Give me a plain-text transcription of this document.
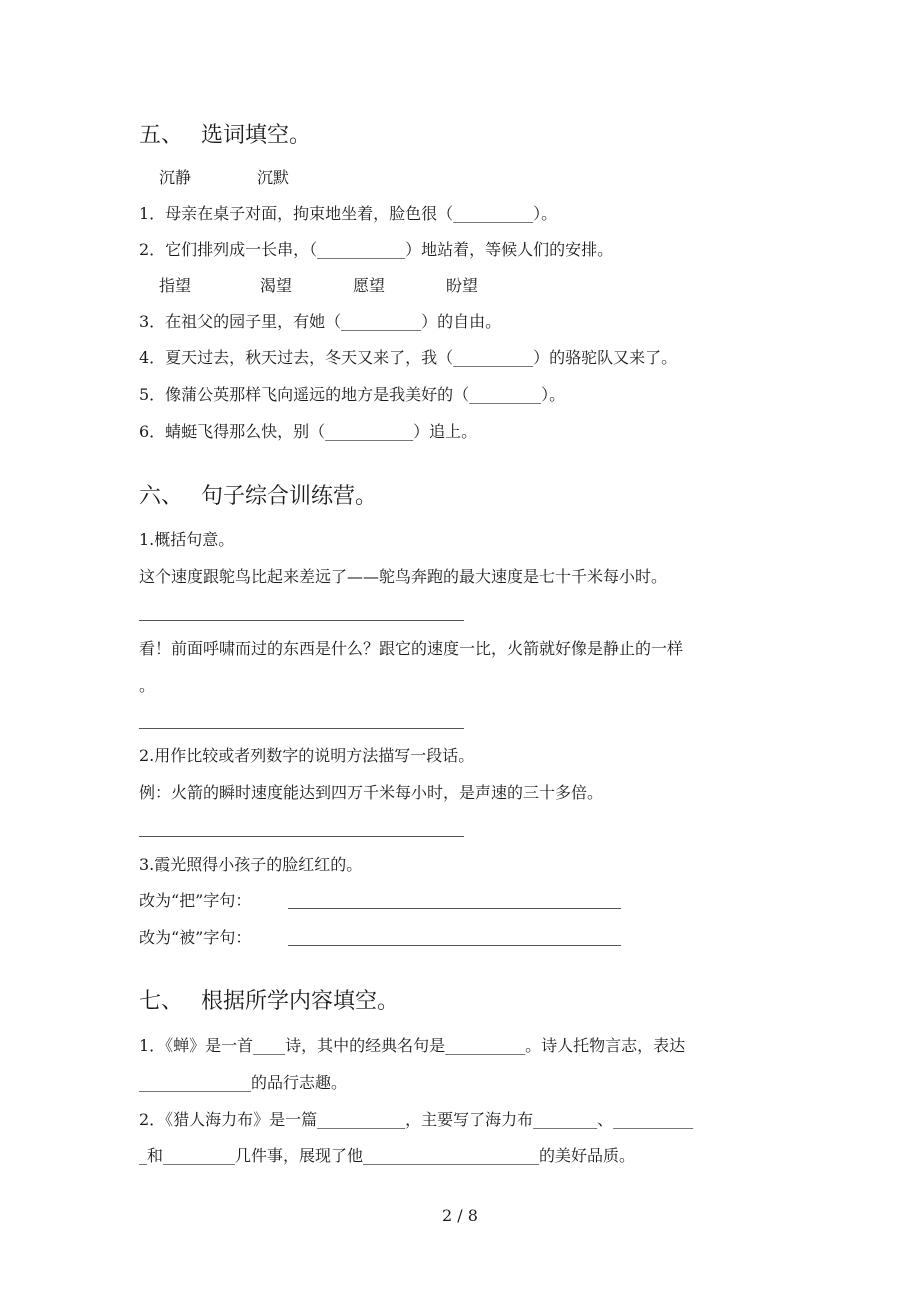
五、 选词填空。
沉静	沉默
1．母亲在桌子对面，拘束地坐着，脸色很（__________）。
2．它们排列成一长串，（___________）地站着，等候人们的安排。
指望	渴望	愿望	盼望
3．在祖父的园子里，有她（__________）的自由。
4．夏天过去，秋天过去，冬天又来了，我（__________）的骆驼队又来了。
5．像蒲公英那样飞向遥远的地方是我美好的（_________）。
6．蜻蜓飞得那么快，别（___________）追上。
六、 句子综合训练营。
1.概括句意。
这个速度跟鸵鸟比起来差远了——鸵鸟奔跑的最大速度是七十千米每小时。
看！前面呼啸而过的东西是什么？跟它的速度一比，火箭就好像是静止的一样
。
2.用作比较或者列数字的说明方法描写一段话。
例：火箭的瞬时速度能达到四万千米每小时，是声速的三十多倍。
3.霞光照得小孩子的脸红红的。
改为“把”字句：
改为“被”字句：
七、 根据所学内容填空。
1．《蝉》是一首____诗，其中的经典名句是__________。诗人托物言志，表达
______________的品行志趣。
2．《猎人海力布》是一篇___________，主要写了海力布________、__________
_和_________几件事，展现了他______________________的美好品质。
2 / 8
